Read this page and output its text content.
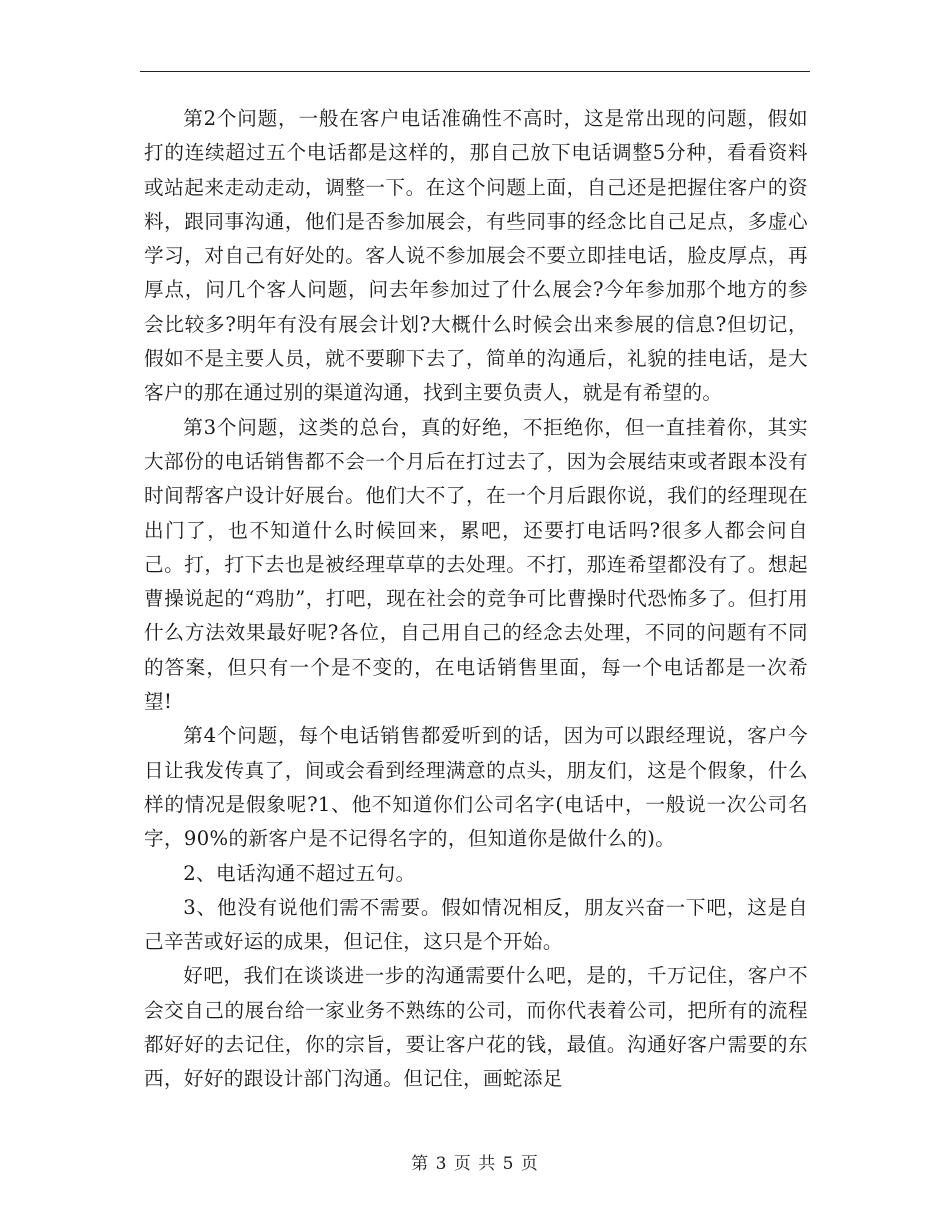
第2个问题，一般在客户电话准确性不高时，这是常出现的问题，假如打的连续超过五个电话都是这样的，那自己放下电话调整5分种，看看资料或站起来走动走动，调整一下。在这个问题上面，自己还是把握住客户的资料，跟同事沟通，他们是否参加展会，有些同事的经念比自己足点，多虚心学习，对自己有好处的。客人说不参加展会不要立即挂电话，脸皮厚点，再厚点，问几个客人问题，问去年参加过了什么展会?今年参加那个地方的参会比较多?明年有没有展会计划?大概什么时候会出来参展的信息?但切记，假如不是主要人员，就不要聊下去了，简单的沟通后，礼貌的挂电话，是大客户的那在通过别的渠道沟通，找到主要负责人，就是有希望的。

第3个问题，这类的总台，真的好绝，不拒绝你，但一直挂着你，其实大部份的电话销售都不会一个月后在打过去了，因为会展结束或者跟本没有时间帮客户设计好展台。他们大不了，在一个月后跟你说，我们的经理现在出门了，也不知道什么时候回来，累吧，还要打电话吗?很多人都会问自己。打，打下去也是被经理草草的去处理。不打，那连希望都没有了。想起曹操说起的“鸡肋”，打吧，现在社会的竞争可比曹操时代恐怖多了。但打用什么方法效果最好呢?各位，自己用自己的经念去处理，不同的问题有不同的答案，但只有一个是不变的，在电话销售里面，每一个电话都是一次希望!

第4个问题，每个电话销售都爱听到的话，因为可以跟经理说，客户今日让我发传真了，间或会看到经理满意的点头，朋友们，这是个假象，什么样的情况是假象呢?1、他不知道你们公司名字(电话中，一般说一次公司名字，90%的新客户是不记得名字的，但知道你是做什么的)。

2、电话沟通不超过五句。

3、他没有说他们需不需要。假如情况相反，朋友兴奋一下吧，这是自己辛苦或好运的成果，但记住，这只是个开始。

好吧，我们在谈谈进一步的沟通需要什么吧，是的，千万记住，客户不会交自己的展台给一家业务不熟练的公司，而你代表着公司，把所有的流程都好好的去记住，你的宗旨，要让客户花的钱，最值。沟通好客户需要的东西，好好的跟设计部门沟通。但记住，画蛇添足

第 3 页 共 5 页
